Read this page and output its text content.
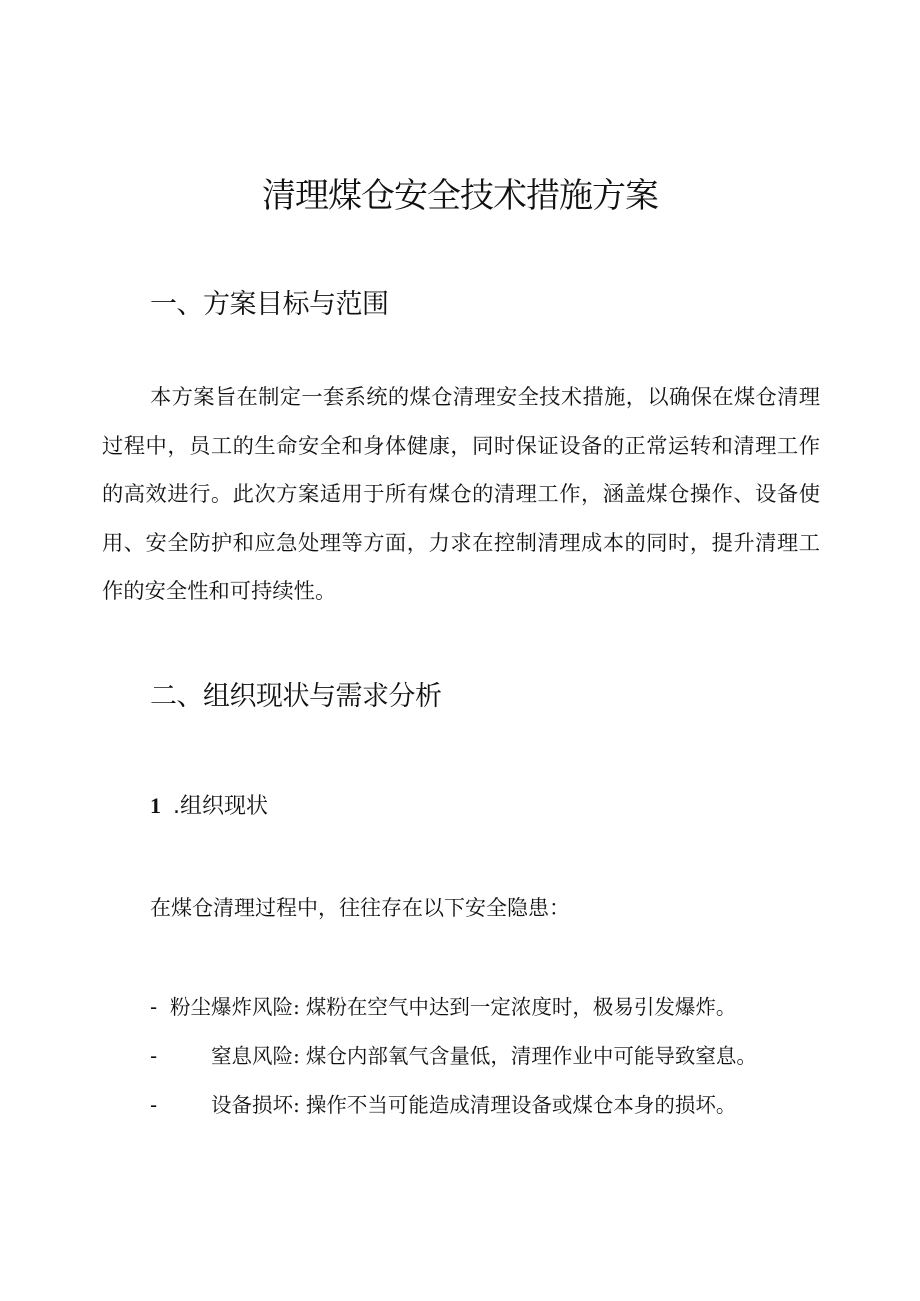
清理煤仓安全技术措施方案
一、方案目标与范围

本方案旨在制定一套系统的煤仓清理安全技术措施，以确保在煤仓清理过程中，员工的生命安全和身体健康，同时保证设备的正常运转和清理工作的高效进行。此次方案适用于所有煤仓的清理工作，涵盖煤仓操作、设备使用、安全防护和应急处理等方面，力求在控制清理成本的同时，提升清理工作的安全性和可持续性。

二、组织现状与需求分析
1 .组织现状

在煤仓清理过程中，往往存在以下安全隐患：

- 粉尘爆炸风险: 煤粉在空气中达到一定浓度时，极易引发爆炸。
-	窒息风险: 煤仓内部氧气含量低，清理作业中可能导致窒息。
-	设备损坏: 操作不当可能造成清理设备或煤仓本身的损坏。
